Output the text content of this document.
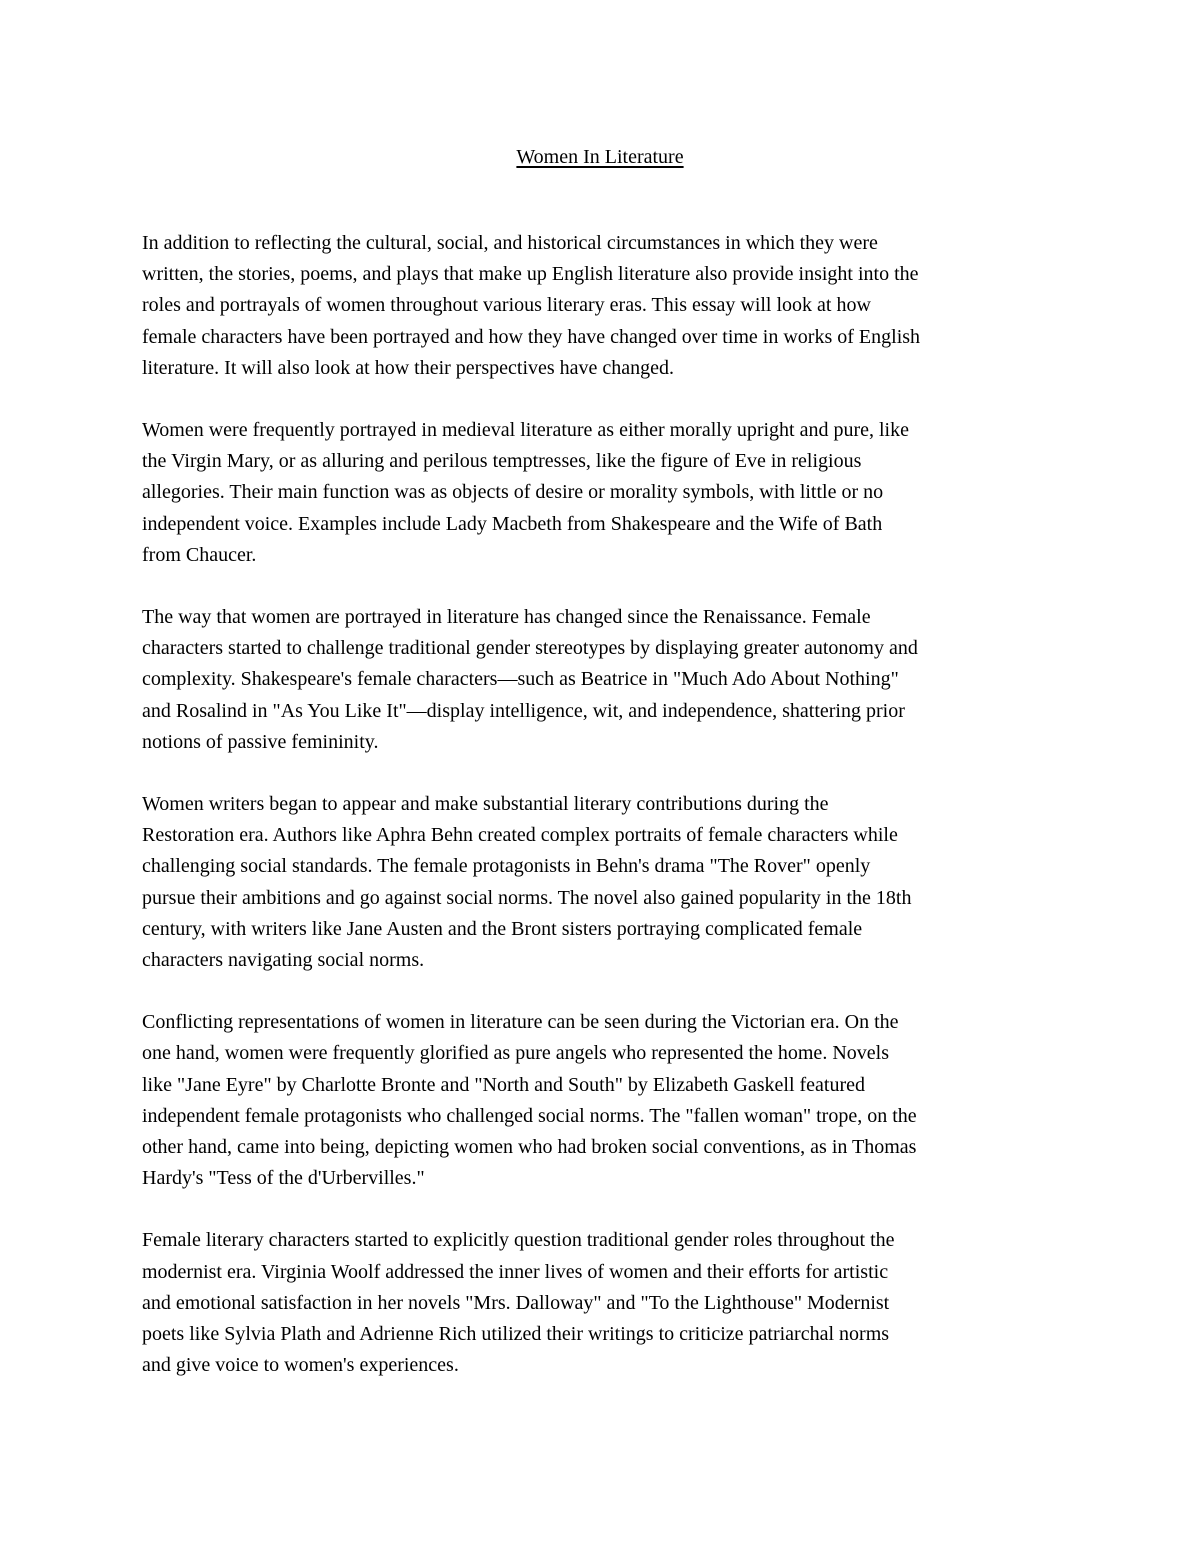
Women In Literature

In addition to reflecting the cultural, social, and historical circumstances in which they were
written, the stories, poems, and plays that make up English literature also provide insight into the
roles and portrayals of women throughout various literary eras. This essay will look at how
female characters have been portrayed and how they have changed over time in works of English
literature. It will also look at how their perspectives have changed.

Women were frequently portrayed in medieval literature as either morally upright and pure, like
the Virgin Mary, or as alluring and perilous temptresses, like the figure of Eve in religious
allegories. Their main function was as objects of desire or morality symbols, with little or no
independent voice. Examples include Lady Macbeth from Shakespeare and the Wife of Bath
from Chaucer.

The way that women are portrayed in literature has changed since the Renaissance. Female
characters started to challenge traditional gender stereotypes by displaying greater autonomy and
complexity. Shakespeare's female characters—such as Beatrice in "Much Ado About Nothing"
and Rosalind in "As You Like It"—display intelligence, wit, and independence, shattering prior
notions of passive femininity.

Women writers began to appear and make substantial literary contributions during the
Restoration era. Authors like Aphra Behn created complex portraits of female characters while
challenging social standards. The female protagonists in Behn's drama "The Rover" openly
pursue their ambitions and go against social norms. The novel also gained popularity in the 18th
century, with writers like Jane Austen and the Bront sisters portraying complicated female
characters navigating social norms.

Conflicting representations of women in literature can be seen during the Victorian era. On the
one hand, women were frequently glorified as pure angels who represented the home. Novels
like "Jane Eyre" by Charlotte Bronte and "North and South" by Elizabeth Gaskell featured
independent female protagonists who challenged social norms. The "fallen woman" trope, on the
other hand, came into being, depicting women who had broken social conventions, as in Thomas
Hardy's "Tess of the d'Urbervilles."

Female literary characters started to explicitly question traditional gender roles throughout the
modernist era. Virginia Woolf addressed the inner lives of women and their efforts for artistic
and emotional satisfaction in her novels "Mrs. Dalloway" and "To the Lighthouse" Modernist
poets like Sylvia Plath and Adrienne Rich utilized their writings to criticize patriarchal norms
and give voice to women's experiences.
